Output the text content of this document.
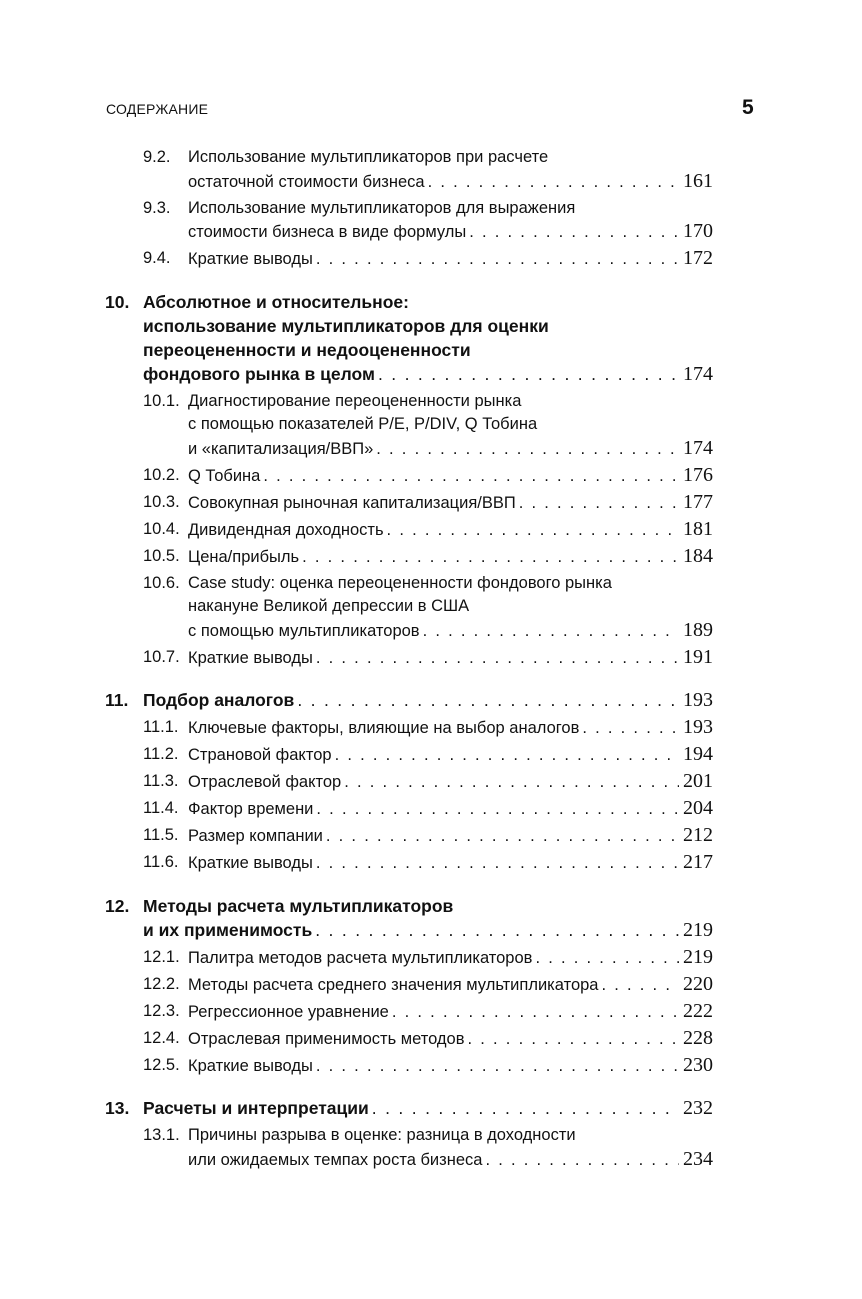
СОДЕРЖАНИЕ	5
9.2.	Использование мультипликаторов при расчете
остаточной стоимости бизнеса . . .	161
9.3.	Использование мультипликаторов для выражения
стоимости бизнеса в виде формулы . . .	170
9.4.	Краткие выводы . . .	172
10. Абсолютное и относительное:
использование мультипликаторов для оценки
переоцененности и недооцененности
фондового рынка в целом . . .	174
10.1. Диагностирование переоцененности рынка
с помощью показателей P/E, P/DIV, Q Тобина
и «капитализация/ВВП» . . .	174
10.2. Q Тобина . . .	176
10.3. Совокупная рыночная капитализация/ВВП . . .	177
10.4. Дивидендная доходность . . .	181
10.5. Цена/прибыль . . .	184
10.6. Case study: оценка переоцененности фондового рынка
накануне Великой депрессии в США
с помощью мультипликаторов . . .	189
10.7. Краткие выводы . . .	191
11. Подбор аналогов . . .	193
11.1. Ключевые факторы, влияющие на выбор аналогов . . .	193
11.2. Страновой фактор . . .	194
11.3. Отраслевой фактор . . .	201
11.4. Фактор времени . . .	204
11.5. Размер компании . . .	212
11.6. Краткие выводы . . .	217
12. Методы расчета мультипликаторов
и их применимость . . .	219
12.1. Палитра методов расчета мультипликаторов . . .	219
12.2. Методы расчета среднего значения мультипликатора . . .	220
12.3. Регрессионное уравнение . . .	222
12.4. Отраслевая применимость методов . . .	228
12.5. Краткие выводы . . .	230
13. Расчеты и интерпретации . . .	232
13.1. Причины разрыва в оценке: разница в доходности
или ожидаемых темпах роста бизнеса . . .	234
